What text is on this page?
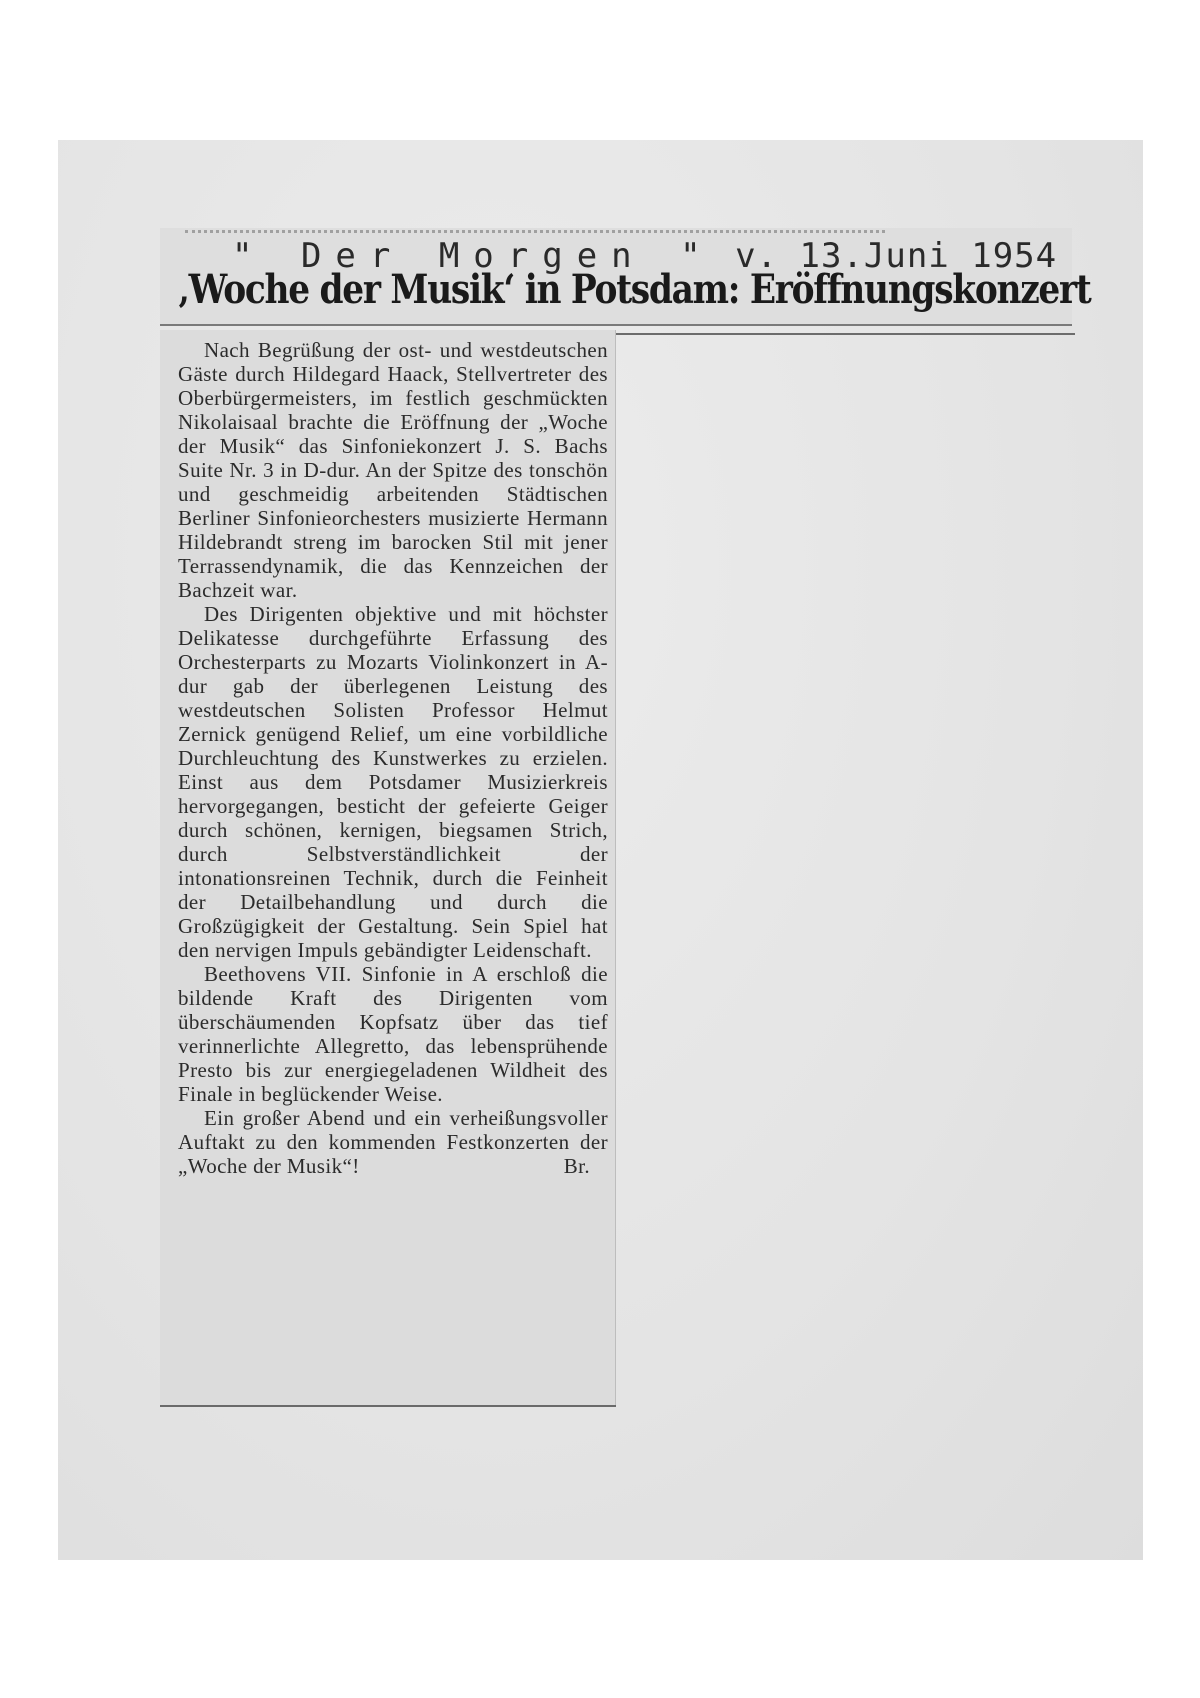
" Der Morgen " v. 13.Juni 1954
‚Woche der Musik‘ in Potsdam: Eröffnungskonzert

Nach Begrüßung der ost- und westdeutschen Gäste durch Hildegard Haack, Stellvertreter des Oberbürgermeisters, im festlich geschmückten Nikolaisaal brachte die Eröffnung der „Woche der Musik“ das Sinfoniekonzert J. S. Bachs Suite Nr. 3 in D-dur. An der Spitze des tonschön und geschmeidig arbeitenden Städtischen Berliner Sinfonieorchesters musizierte Hermann Hildebrandt streng im barocken Stil mit jener Terrassendynamik, die das Kennzeichen der Bachzeit war.

Des Dirigenten objektive und mit höchster Delikatesse durchgeführte Erfassung des Orchesterparts zu Mozarts Violinkonzert in A-dur gab der überlegenen Leistung des westdeutschen Solisten Professor Helmut Zernick genügend Relief, um eine vorbildliche Durchleuchtung des Kunstwerkes zu erzielen. Einst aus dem Potsdamer Musizierkreis hervorgegangen, besticht der gefeierte Geiger durch schönen, kernigen, biegsamen Strich, durch Selbstverständlichkeit der intonationsreinen Technik, durch die Feinheit der Detailbehandlung und durch die Großzügigkeit der Gestaltung. Sein Spiel hat den nervigen Impuls gebändigter Leidenschaft.

Beethovens VII. Sinfonie in A erschloß die bildende Kraft des Dirigenten vom überschäumenden Kopfsatz über das tief verinnerlichte Allegretto, das lebensprühende Presto bis zur energiegeladenen Wildheit des Finale in beglückender Weise.

Ein großer Abend und ein verheißungsvoller Auftakt zu den kommenden Festkonzerten der „Woche der Musik“!	Br.
